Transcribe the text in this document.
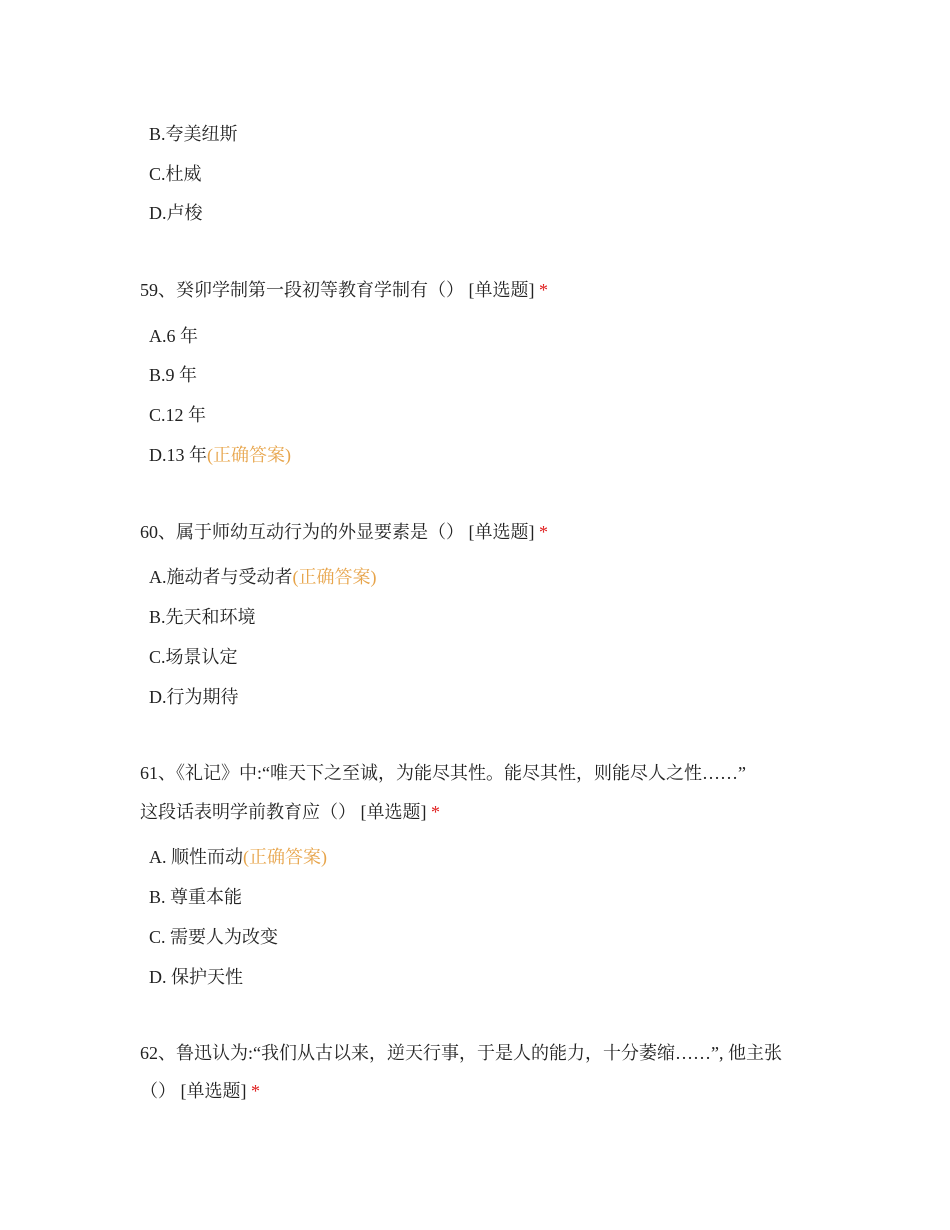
B.夸美纽斯
C.杜威
D.卢梭
59、癸卯学制第一段初等教育学制有（） [单选题] *
A.6 年
B.9 年
C.12 年
D.13 年(正确答案)
60、属于师幼互动行为的外显要素是（） [单选题] *
A.施动者与受动者(正确答案)
B.先天和环境
C.场景认定
D.行为期待
61、《礼记》中:“唯天下之至诚，为能尽其性。能尽其性，则能尽人之性……”
这段话表明学前教育应（） [单选题] *
A. 顺性而动(正确答案)
B. 尊重本能
C. 需要人为改变
D. 保护天性
62、鲁迅认为:“我们从古以来，逆天行事，于是人的能力，十分萎缩……”, 他主张
（） [单选题] *
